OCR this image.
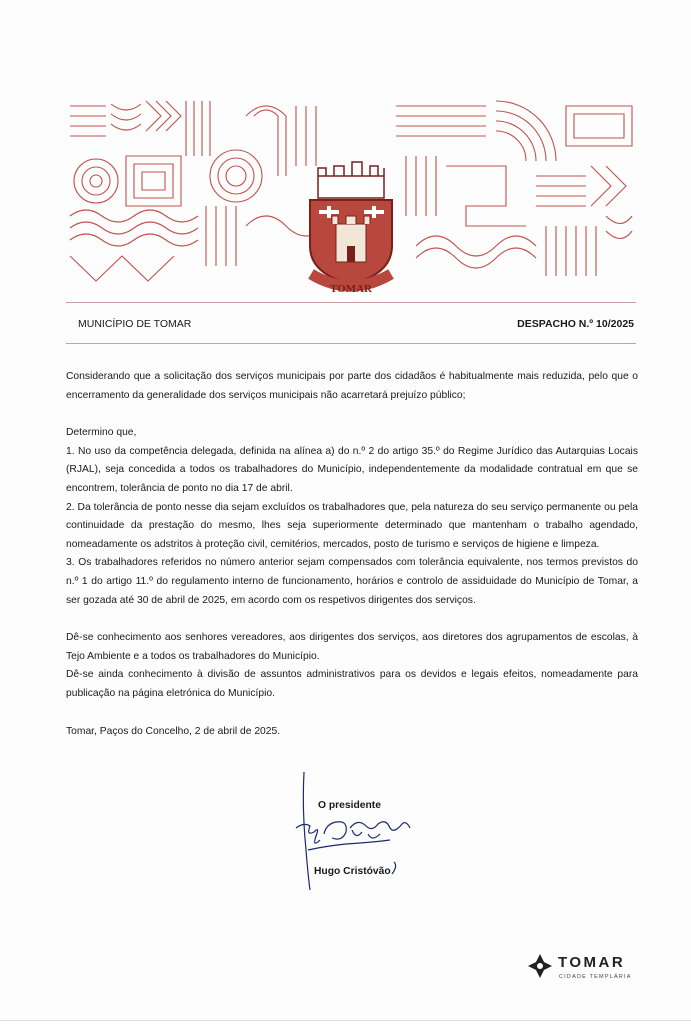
TOMAR
MUNICÍPIO DE TOMAR	DESPACHO N.º 10/2025

Considerando que a solicitação dos serviços municipais por parte dos cidadãos é habitualmente mais reduzida, pelo que o encerramento da generalidade dos serviços municipais não acarretará prejuízo público;

Determino que,

1. No uso da competência delegada, definida na alínea a) do n.º 2 do artigo 35.º do Regime Jurídico das Autarquias Locais (RJAL), seja concedida a todos os trabalhadores do Município, independentemente da modalidade contratual em que se encontrem, tolerância de ponto no dia 17 de abril.

2. Da tolerância de ponto nesse dia sejam excluídos os trabalhadores que, pela natureza do seu serviço permanente ou pela continuidade da prestação do mesmo, lhes seja superiormente determinado que mantenham o trabalho agendado, nomeadamente os adstritos à proteção civil, cemitérios, mercados, posto de turismo e serviços de higiene e limpeza.

3. Os trabalhadores referidos no número anterior sejam compensados com tolerância equivalente, nos termos previstos do n.º 1 do artigo 11.º do regulamento interno de funcionamento, horários e controlo de assiduidade do Município de Tomar, a ser gozada até 30 de abril de 2025, em acordo com os respetivos dirigentes dos serviços.

Dê-se conhecimento aos senhores vereadores, aos dirigentes dos serviços, aos diretores dos agrupamentos de escolas, à Tejo Ambiente e a todos os trabalhadores do Município.

Dê-se ainda conhecimento à divisão de assuntos administrativos para os devidos e legais efeitos, nomeadamente para publicação na página eletrónica do Município.

Tomar, Paços do Concelho, 2 de abril de 2025.

O presidente
Hugo Cristóvão
TOMAR
CIDADE TEMPLÁRIA
